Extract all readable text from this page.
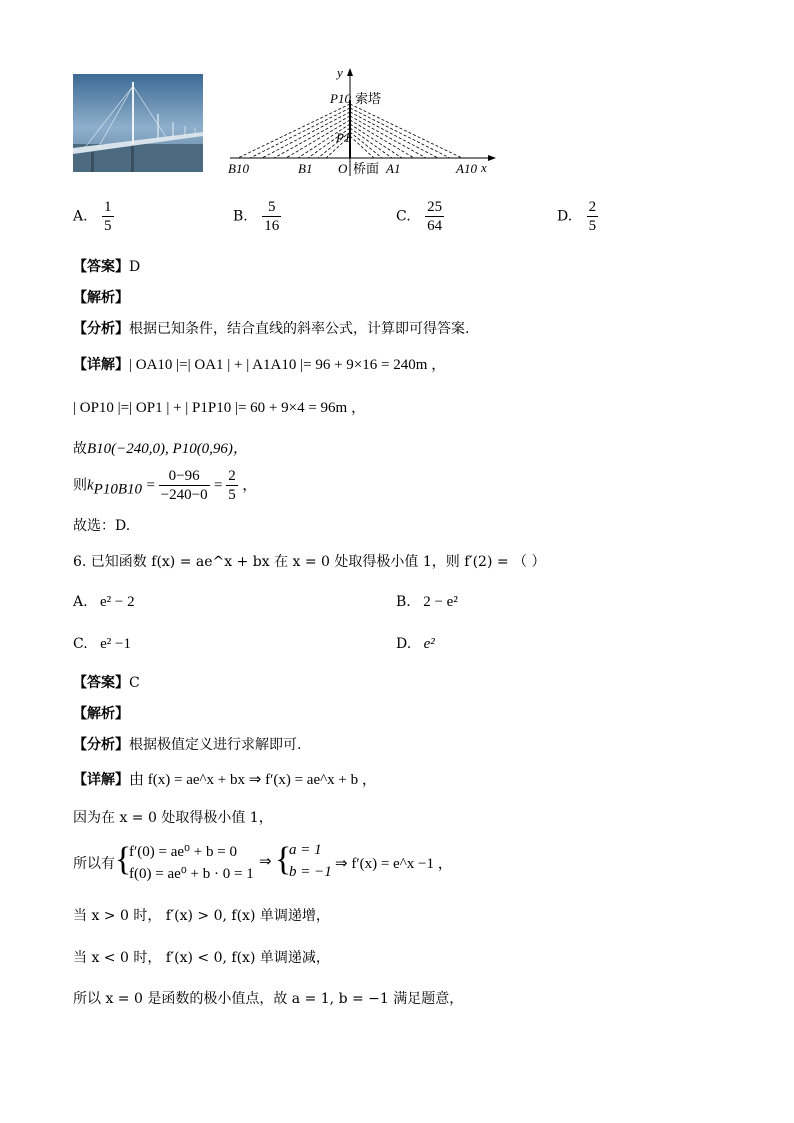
y
x
P10 索塔
P1
B10	B1 O 桥面 A1	A10
A. $\frac{1}{5}$	B. $\frac{5}{16}$	C. $\frac{25}{64}$	D. $\frac{2}{5}$
【答案】D
【解析】
【分析】根据已知条件，结合直线的斜率公式，计算即可得答案.
【详解】| OA10 |=| OA1 | + | A1A10 |= 96 + 9×16 = 240m ，
| OP10 |=| OP1 | + | P1P10 |= 60 + 9×4 = 96m ，
故B10(−240,0), P10(0,96)，
则$k_{P10B10} = \frac{0-96}{-240-0} = \frac{2}{5}$ ，
故选：D.
6. 已知函数 f(x) = ae^x + bx 在 x = 0 处取得极小值 1，则 f′(2) = （ ）
A. e² − 2	B. 2 − e²
C. e² −1	D. e²
【答案】C
【解析】
【分析】根据极值定义进行求解即可.
【详解】由 f(x) = ae^x + bx ⇒ f′(x) = ae^x + b ，
因为在 x = 0 处取得极小值 1，
所以有 {
f′(0) = ae⁰ + b = 0
f(0) = ae⁰ + b · 0 = 1
⇒ {
a = 1
b = −1 ⇒ f′(x) = e^x −1 ，
当 x > 0 时， f′(x) > 0, f(x) 单调递增，
当 x < 0 时， f′(x) < 0, f(x) 单调递减，
所以 x = 0 是函数的极小值点，故 a = 1, b = −1 满足题意，
